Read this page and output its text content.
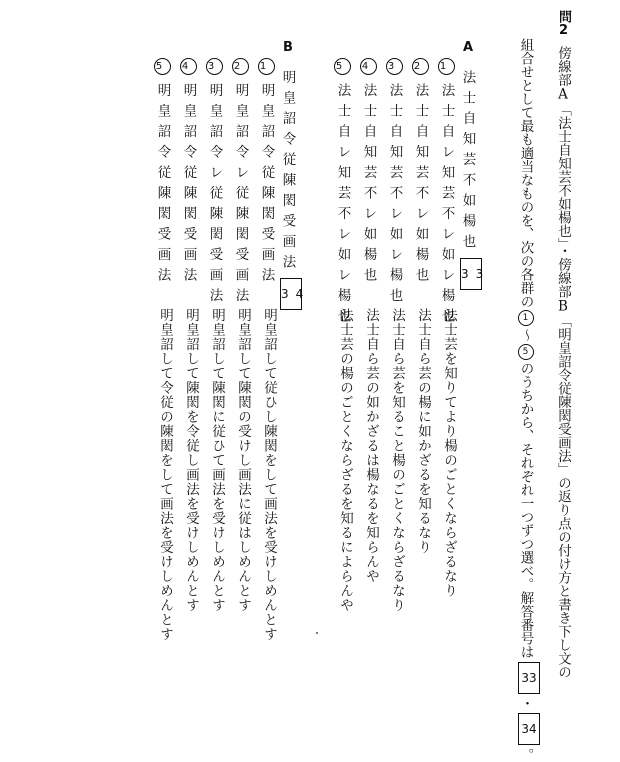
問2傍線部A「法士自知芸不如楊也」・傍線部B「明皇詔令従陳閎受画法」の返り点の付け方と書き下し文の
組合せとして最も適当なものを、次の各群の1～5のうちから、それぞれ一つずつ選べ。解答番号は33・34。
A法士自知芸不如楊也33
1法士自レ知芸不レ如レ楊也
2法士自知芸不レ如楊也
3法士自知芸不レ如レ楊也
4法士自知芸不レ如楊也
5法士自レ知芸不レ如レ楊也
法士芸を知りてより楊のごとくならざるなり
法士自ら芸の楊に如かざるを知るなり
法士自ら芸を知ること楊のごとくならざるなり
法士自ら芸の如かざるは楊なるを知らんや
法士芸の楊のごとくならざるを知るによらんや
B明皇詔令従陳閎受画法34
1明皇詔令従陳閎受画法
2明皇詔令レ従陳閎受画法
3明皇詔令レ従陳閎受画法
4明皇詔令従陳閎受画法
5明皇詔令従陳閎受画法
明皇詔して従ひし陳閎をして画法を受けしめんとす
明皇詔して陳閎の受けし画法に従はしめんとす
明皇詔して陳閎に従ひて画法を受けしめんとす
明皇詔して陳閎を令従し画法を受けしめんとす
明皇詔して令従の陳閎をして画法を受けしめんとす
